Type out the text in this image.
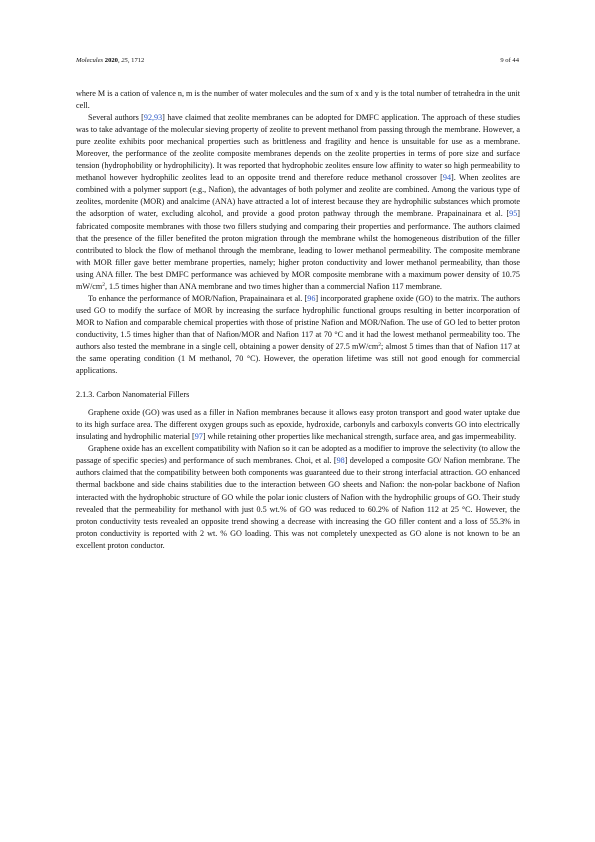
Molecules 2020, 25, 1712	9 of 44

where M is a cation of valence n, m is the number of water molecules and the sum of x and y is the total number of tetrahedra in the unit cell.

Several authors [92,93] have claimed that zeolite membranes can be adopted for DMFC application. The approach of these studies was to take advantage of the molecular sieving property of zeolite to prevent methanol from passing through the membrane. However, a pure zeolite exhibits poor mechanical properties such as brittleness and fragility and hence is unsuitable for use as a membrane. Moreover, the performance of the zeolite composite membranes depends on the zeolite properties in terms of pore size and surface tension (hydrophobility or hydrophilicity). It was reported that hydrophobic zeolites ensure low affinity to water so high permeability to methanol however hydrophilic zeolites lead to an opposite trend and therefore reduce methanol crossover [94]. When zeolites are combined with a polymer support (e.g., Nafion), the advantages of both polymer and zeolite are combined. Among the various type of zeolites, mordenite (MOR) and analcime (ANA) have attracted a lot of interest because they are hydrophilic substances which promote the adsorption of water, excluding alcohol, and provide a good proton pathway through the membrane. Prapainainara et al. [95] fabricated composite membranes with those two fillers studying and comparing their properties and performance. The authors claimed that the presence of the filler benefited the proton migration through the membrane whilst the homogeneous distribution of the filler contributed to block the flow of methanol through the membrane, leading to lower methanol permeability. The composite membrane with MOR filler gave better membrane properties, namely; higher proton conductivity and lower methanol permeability, than those using ANA filler. The best DMFC performance was achieved by MOR composite membrane with a maximum power density of 10.75 $mW/cm^2$, 1.5 times higher than ANA membrane and two times higher than a commercial Nafion 117 membrane.

To enhance the performance of MOR/Nafion, Prapainainara et al. [96] incorporated graphene oxide (GO) to the matrix. The authors used GO to modify the surface of MOR by increasing the surface hydrophilic functional groups resulting in better incorporation of MOR to Nafion and comparable chemical properties with those of pristine Nafion and MOR/Nafion. The use of GO led to better proton conductivity, 1.5 times higher than that of Nafion/MOR and Nafion 117 at 70 °C and it had the lowest methanol permeability too. The authors also tested the membrane in a single cell, obtaining a power density of 27.5 $mW/cm^2$; almost 5 times than that of Nafion 117 at the same operating condition (1 M methanol, 70 °C). However, the operation lifetime was still not good enough for commercial applications.

2.1.3. Carbon Nanomaterial Fillers

Graphene oxide (GO) was used as a filler in Nafion membranes because it allows easy proton transport and good water uptake due to its high surface area. The different oxygen groups such as epoxide, hydroxide, carbonyls and carboxyls converts GO into electrically insulating and hydrophilic material [97] while retaining other properties like mechanical strength, surface area, and gas impermeability.

Graphene oxide has an excellent compatibility with Nafion so it can be adopted as a modifier to improve the selectivity (to allow the passage of specific species) and performance of such membranes. Choi, et al. [98] developed a composite GO/ Nafion membrane. The authors claimed that the compatibility between both components was guaranteed due to their strong interfacial attraction. GO enhanced thermal backbone and side chains stabilities due to the interaction between GO sheets and Nafion: the non-polar backbone of Nafion interacted with the hydrophobic structure of GO while the polar ionic clusters of Nafion with the hydrophilic groups of GO. Their study revealed that the permeability for methanol with just 0.5 wt.% of GO was reduced to 60.2% of Nafion 112 at 25 °C. However, the proton conductivity tests revealed an opposite trend showing a decrease with increasing the GO filler content and a loss of 55.3% in proton conductivity is reported with 2 wt. % GO loading. This was not completely unexpected as GO alone is not known to be an excellent proton conductor.
